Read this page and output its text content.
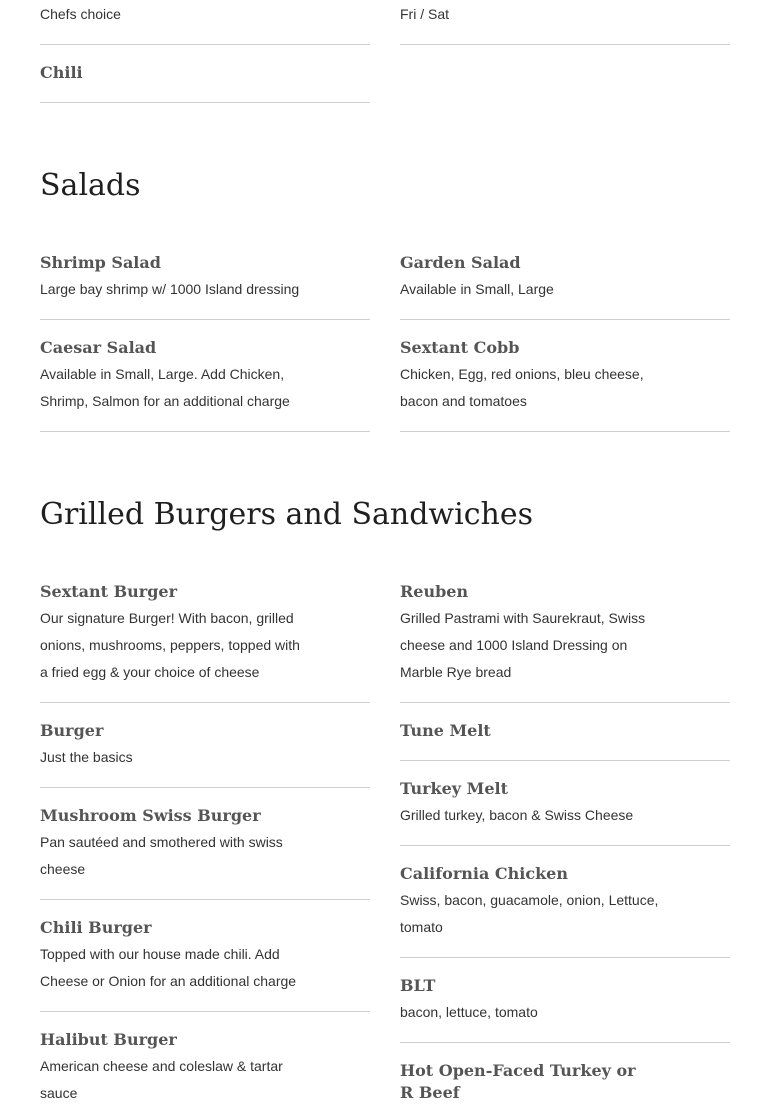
Chefs choice	Fri / Sat
Chili
Salads
Shrimp Salad
Large bay shrimp w/ 1000 Island dressing
Garden Salad
Available in Small, Large
Caesar Salad
Available in Small, Large. Add Chicken, Shrimp, Salmon for an additional charge
Sextant Cobb
Chicken, Egg, red onions, bleu cheese, bacon and tomatoes
Grilled Burgers and Sandwiches
Sextant Burger
Our signature Burger! With bacon, grilled onions, mushrooms, peppers, topped with a fried egg & your choice of cheese
Burger
Just the basics
Mushroom Swiss Burger
Pan sautéed and smothered with swiss cheese
Chili Burger
Topped with our house made chili. Add Cheese or Onion for an additional charge
Halibut Burger
American cheese and coleslaw & tartar sauce
Reuben
Grilled Pastrami with Saurekraut, Swiss cheese and 1000 Island Dressing on Marble Rye bread
Tune Melt
Turkey Melt
Grilled turkey, bacon & Swiss Cheese
California Chicken
Swiss, bacon, guacamole, onion, Lettuce, tomato
BLT
bacon, lettuce, tomato
Hot Open-Faced Turkey or R Beef
